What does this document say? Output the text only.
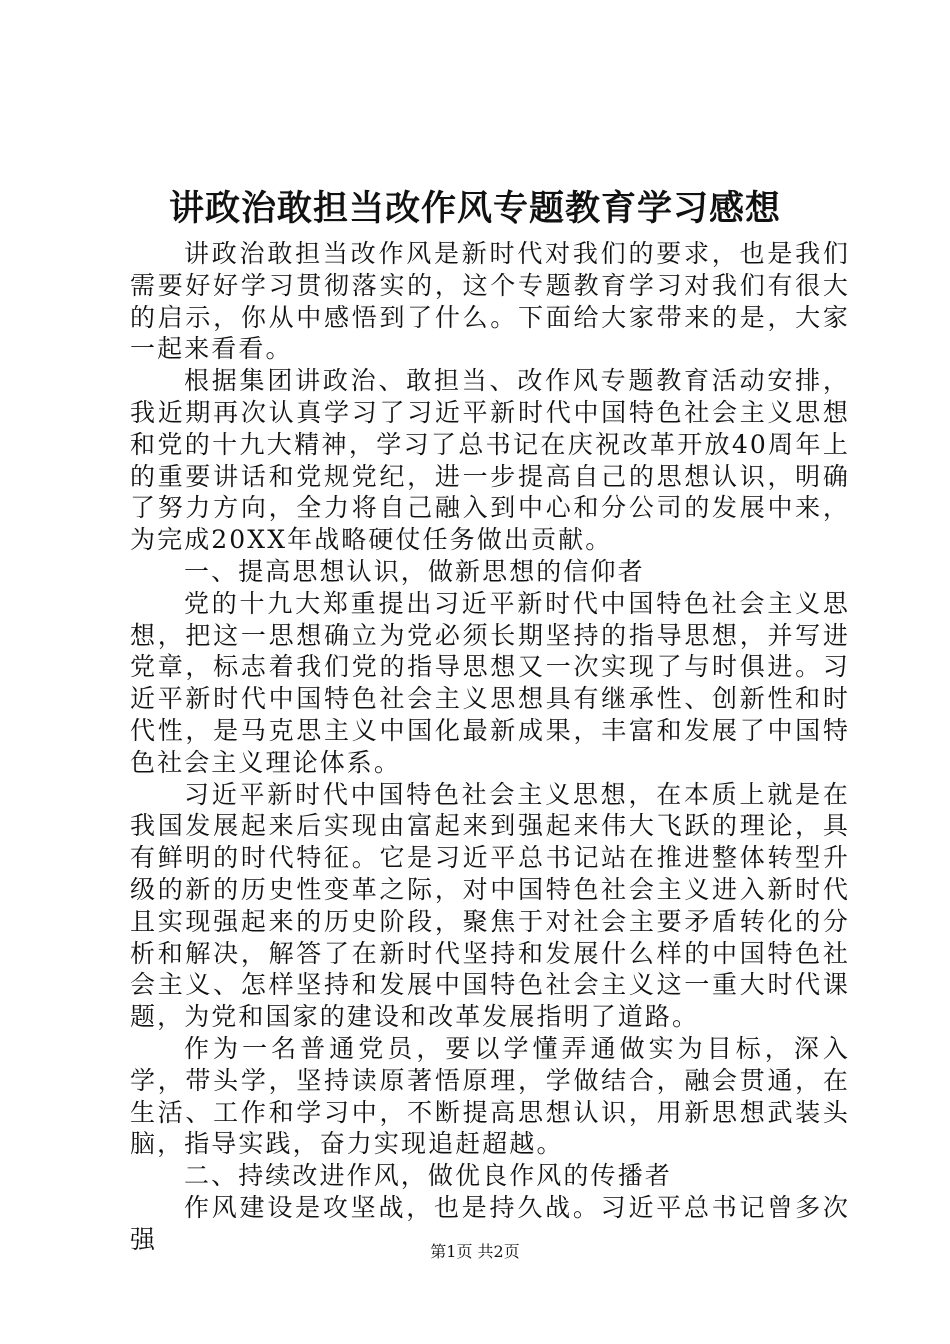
讲政治敢担当改作风专题教育学习感想

讲政治敢担当改作风是新时代对我们的要求，也是我们需要好好学习贯彻落实的，这个专题教育学习对我们有很大的启示，你从中感悟到了什么。下面给大家带来的是，大家一起来看看。

根据集团讲政治、敢担当、改作风专题教育活动安排，我近期再次认真学习了习近平新时代中国特色社会主义思想和党的十九大精神，学习了总书记在庆祝改革开放40周年上的重要讲话和党规党纪，进一步提高自己的思想认识，明确了努力方向，全力将自己融入到中心和分公司的发展中来，为完成20XX年战略硬仗任务做出贡献。

一、提高思想认识，做新思想的信仰者

党的十九大郑重提出习近平新时代中国特色社会主义思想，把这一思想确立为党必须长期坚持的指导思想，并写进党章，标志着我们党的指导思想又一次实现了与时俱进。习近平新时代中国特色社会主义思想具有继承性、创新性和时代性，是马克思主义中国化最新成果，丰富和发展了中国特色社会主义理论体系。

习近平新时代中国特色社会主义思想，在本质上就是在我国发展起来后实现由富起来到强起来伟大飞跃的理论，具有鲜明的时代特征。它是习近平总书记站在推进整体转型升级的新的历史性变革之际，对中国特色社会主义进入新时代且实现强起来的历史阶段，聚焦于对社会主要矛盾转化的分析和解决，解答了在新时代坚持和发展什么样的中国特色社会主义、怎样坚持和发展中国特色社会主义这一重大时代课题，为党和国家的建设和改革发展指明了道路。

作为一名普通党员，要以学懂弄通做实为目标，深入学，带头学，坚持读原著悟原理，学做结合，融会贯通，在生活、工作和学习中，不断提高思想认识，用新思想武装头脑，指导实践，奋力实现追赶超越。

二、持续改进作风，做优良作风的传播者

作风建设是攻坚战，也是持久战。习近平总书记曾多次强	第1页 共2页
